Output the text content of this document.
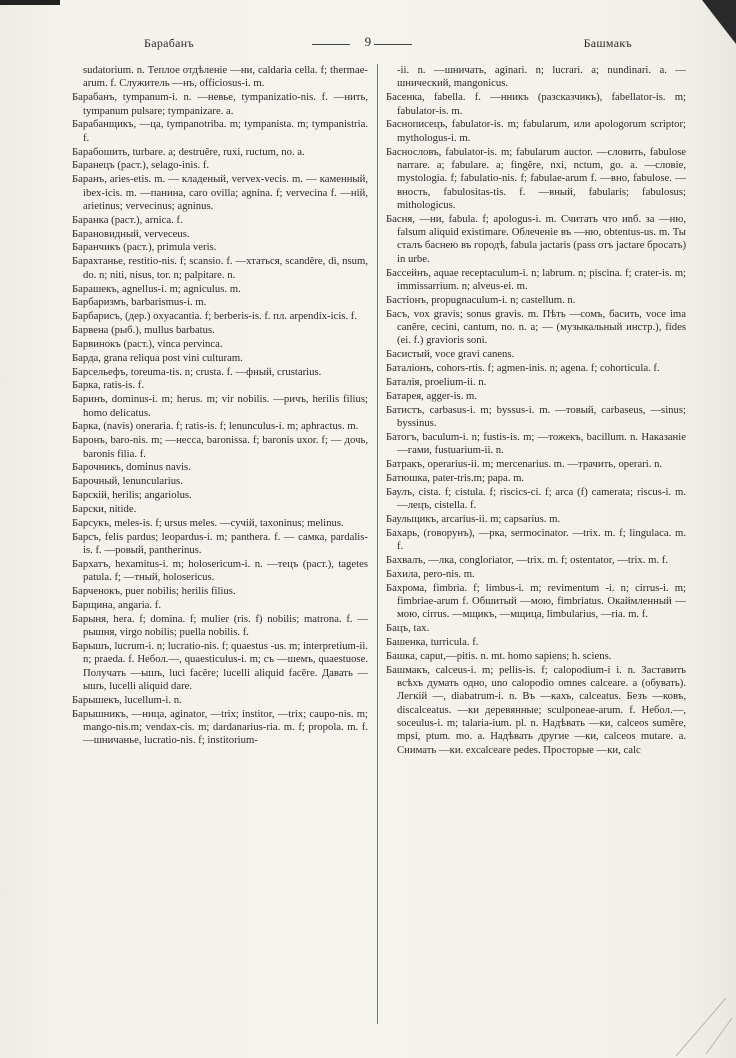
Барабанъ	9	Башмакъ

sudatorium. n. Теплое отдѣленіе —ни, caldaria cella. f; thermae-arum. f. Служитель —нъ, officiosus-i. m.

Барабанъ, tympanum-i. n. —невье, tympanizatio-nis. f. —нить, tympanum pulsare; tympanizare. a.

Барабанщикъ, —ца, tympanotriba. m; tympanista. m; tympanistria. f.

Барабошить, turbare. a; destruĕre, ruxi, ructum, no. a.

Баранецъ (раст.), selago-inis. f.

Баранъ, aries-etis. m. — кладеный, vervex-vecis. m. — каменный, ibex-icis. m. —панина, caro ovilla; agnina. f; vervecina f. —ній, arietinus; vervecinus; agninus.

Баранка (раст.), arnica. f.

Барановидный, verveceus.

Баранчикъ (раст.), primula veris.

Барахтанье, restitio-nis. f; scansio. f. —хтаться, scandĕre, di, nsum, do. n; niti, nisus, tor. n; palpitare. n.

Барашекъ, agnellus-i. m; agniculus. m.

Барбаризмъ, barbarismus-i. m.

Барбарисъ, (дер.) oxyacantia. f; berberis-is. f. пл. arpendix-icis. f.

Барвена (рыб.), mullus barbatus.

Барвинокъ (раст.), vinca pervinca.

Барда, grana reliqua post vini culturam.

Барсельефъ, toreuma-tis. n; crusta. f. —фный, crustarius.

Барка, ratis-is. f.

Баринъ, dominus-i. m; herus. m; vir nobilis. —ричъ, herilis filius; homo delicatus.

Барка, (navis) oneraria. f; ratis-is. f; lenunculus-i. m; aphractus. m.

Баронъ, baro-nis. m; —несса, baronissa. f; baronis uxor. f; — дочь, baronis filia. f.

Барочникъ, dominus navis.

Барочный, lenuncularius.

Барскій, herilis; angariolus.

Барски, nitide.

Барсукъ, meles-is. f; ursus meles. —сучій, taxoninus; melinus.

Барсъ, felis pardus; leopardus-i. m; panthera. f. — самка, pardalis-is. f. —ровый, pantherinus.

Бархатъ, hexamitus-i. m; holosericum-i. n. —тецъ (раст.), tagetes patula. f; —тный, holosericus.

Барченокъ, puer nobilis; herilis filius.

Барщина, angaria. f.

Барыня, hera. f; domina. f; mulier (ris. f) nobilis; matrona. f. —рышня, virgo nobilis; puella nobilis. f.

Барышъ, lucrum-i. n; lucratio-nis. f; quaestus -us. m; interpretium-ii. n; praeda. f. Небол.—, quaesticulus-i. m; съ —шемъ, quaestuose. Получать —ышъ, luci facĕre; lucelli aliquid facĕre. Давать —ышъ, lucelli aliquid dare.

Барышекъ, lucellum-i. n.

Барышникъ, —ница, aginator, —trix; institor, —trix; caupo-nis. m; mango-nis.m; vendax-cis. m; dardanarius-ria. m. f; propola. m. f. —шничанье, lucratio-nis. f; institorium-

-ii. n. —шничать, aginari. n; lucrari. a; nundinari. a. —шнический, mangonicus.

Басенка, fabella. f. —нникъ (разсказчикъ), fabellator-is. m; fabulator-is. m.

Баснописецъ, fabulator-is. m; fabularum, или apologorum scriptor; mythologus-i. m.

Баснословъ, fabulator-is. m; fabularum auctor. —словить, fabulose narrare. a; fabulare. a; fingĕre, nxi, nctum, go. a. —словіе, mystologia. f; fabulatio-nis. f; fabulae-arum f. —вно, fabulose. —вность, fabulositas-tis. f. —вный, fabularis; fabulosus; mithologicus.

Басня, —ни, fabula. f; apologus-i. m. Считать что иnб. за —ню, falsum aliquid existimare. Облеченіе въ —ню, obtentus-us. m. Ты сталъ баснею въ городѣ, fabula jactaris (pass отъ jactare бросать) in urbe.

Бассейнъ, aquae receptaculum-i. n; labrum. n; piscina. f; crater-is. m; immissarrium. n; alveus-ei. m.

Бастіонъ, propugnaculum-i. n; castellum. n.

Басъ, vox gravis; sonus gravis. m. Пѣть —сомъ, басить, voce ima canĕre, cecini, cantum, no. n. a; — (музыкальный инстр.), fides (ei. f.) gravioris soni.

Басистый, voce gravi canens.

Баталіонъ, cohors-rtis. f; agmen-inis. n; agena. f; cohorticula. f.

Баталія, proelium-ii. n.

Батарея, agger-is. m.

Батистъ, carbasus-i. m; byssus-i. m. —товый, carbaseus, —sinus; byssinus.

Батогъ, baculum-i. n; fustis-is. m; —тожекъ, bacillum. n. Наказаніе —гами, fustuarium-ii. n.

Батракъ, operarius-ii. m; mercenarius. m. —трачить, operari. n.

Батюшка, pater-tris.m; papa. m.

Баулъ, cista. f; cistula. f; riscics-ci. f; arca (f) camerata; riscus-i. m. —лецъ, cistella. f.

Баульщикъ, arcarius-ii. m; capsarius. m.

Бахарь, (говорунъ), —рка, sermocinator. —trix. m. f; lingulaca. m. f.

Бахвалъ, —лка, congloriator, —trix. m. f; ostentator, —trix. m. f.

Бахила, pero-nis. m.

Бахрома, fimbria. f; limbus-i. m; revimentum -i. n; cirrus-i. m; fimbriae-arum f. Обшитый —мою, fimbriatus. Окаймленный —мою, cirrus. —мщикъ, —мщица, limbularius, —ria. m. f.

Бацъ, tax.

Башенка, turricula. f.

Башка, caput,—pitis. n. mt. homo sapiens; h. sciens.

Башмакъ, calceus-i. m; pellis-is. f; calopodium-i i. n. Заставить всѣхъ думать одно, uno calopodio omnes calceare. а (обувать). Легкій —, diabatrum-i. n. Въ —кахъ, calceatus. Безъ —ковъ, discalceatus. —ки деревянные; sculponeae-arum. f. Небол.—, soceulus-i. m; talaria-ium. pl. n. Надѣвать —ки, calceos sumĕre, mpsi, ptum. mo. a. Надѣвать другие —ки, calceos mutare. a. Снимать —ки. excalceare pedes. Простоpые —ки, calc
